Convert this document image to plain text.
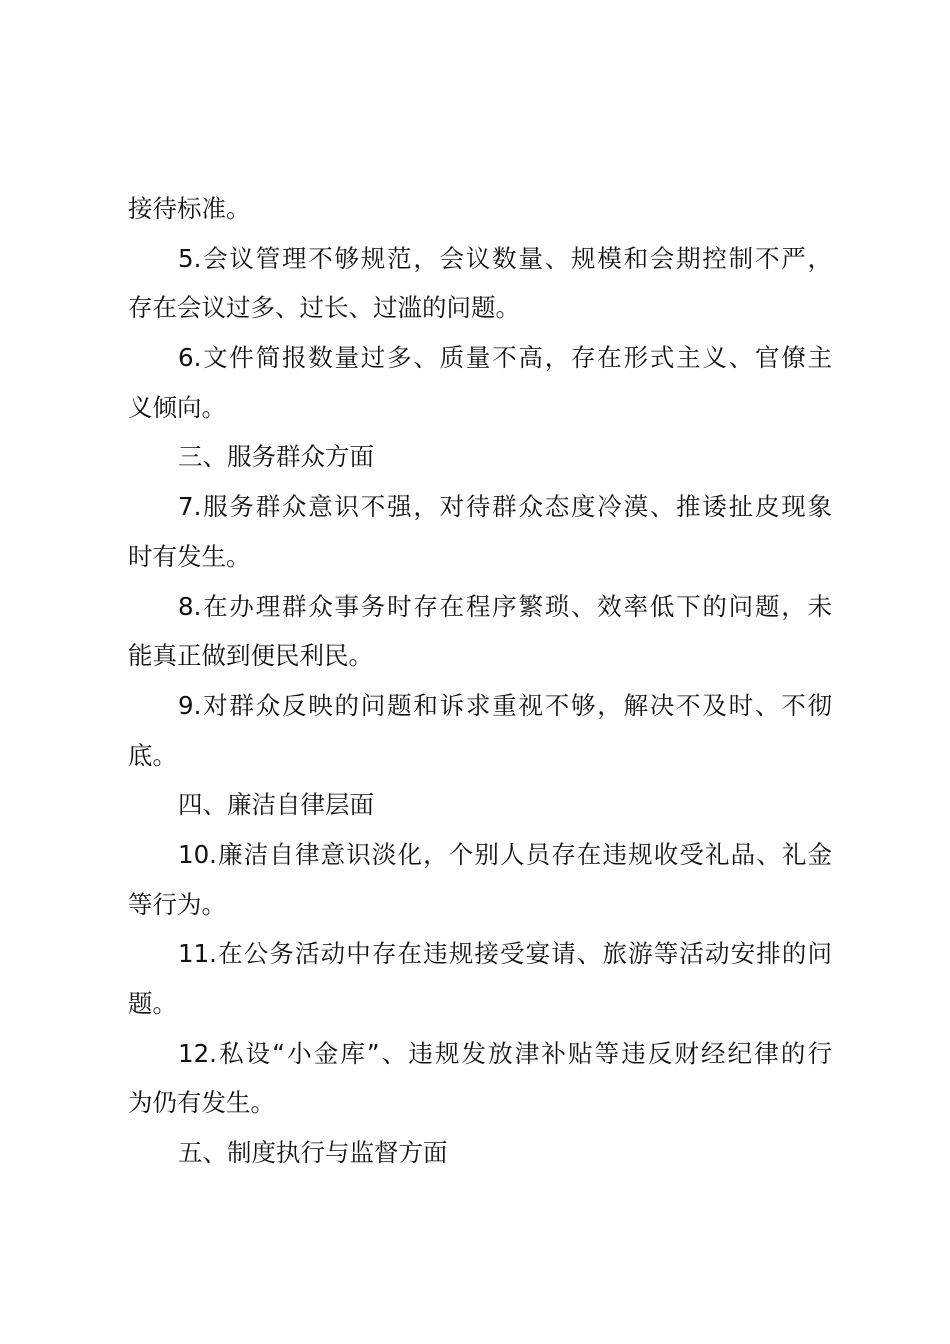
接待标准。
5.会议管理不够规范，会议数量、规模和会期控制不严，
存在会议过多、过长、过滥的问题。
6.文件简报数量过多、质量不高，存在形式主义、官僚主
义倾向。
三、服务群众方面
7.服务群众意识不强，对待群众态度冷漠、推诿扯皮现象
时有发生。
8.在办理群众事务时存在程序繁琐、效率低下的问题，未
能真正做到便民利民。
9.对群众反映的问题和诉求重视不够，解决不及时、不彻
底。
四、廉洁自律层面
10.廉洁自律意识淡化，个别人员存在违规收受礼品、礼金
等行为。
11.在公务活动中存在违规接受宴请、旅游等活动安排的问
题。
12.私设“小金库”、违规发放津补贴等违反财经纪律的行
为仍有发生。
五、制度执行与监督方面
